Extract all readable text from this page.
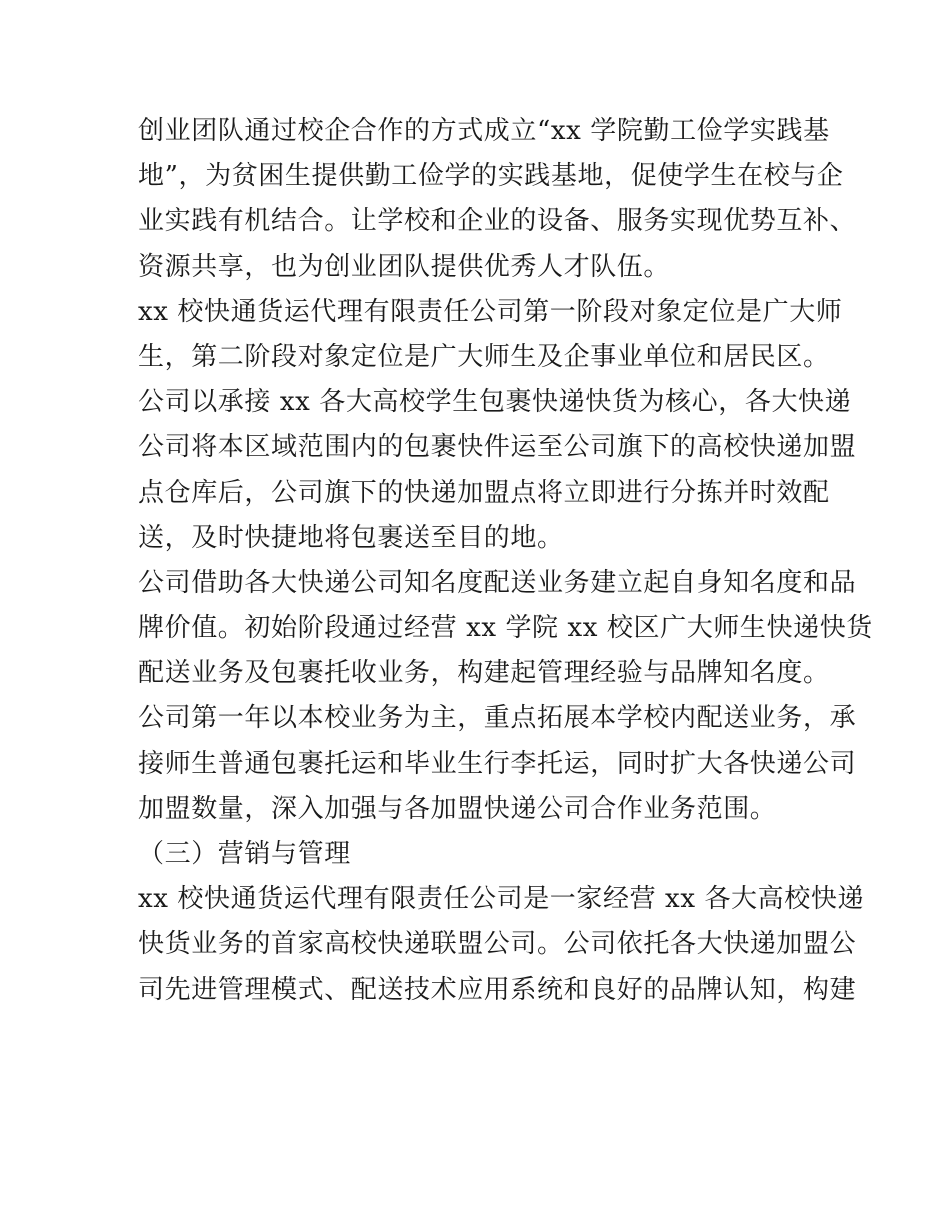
创业团队通过校企合作的方式成立“xx 学院勤工俭学实践基
地”，为贫困生提供勤工俭学的实践基地，促使学生在校与企
业实践有机结合。让学校和企业的设备、服务实现优势互补、
资源共享，也为创业团队提供优秀人才队伍。

xx 校快通货运代理有限责任公司第一阶段对象定位是广大师
生，第二阶段对象定位是广大师生及企事业单位和居民区。

公司以承接 xx 各大高校学生包裹快递快货为核心，各大快递
公司将本区域范围内的包裹快件运至公司旗下的高校快递加盟
点仓库后，公司旗下的快递加盟点将立即进行分拣并时效配
送，及时快捷地将包裹送至目的地。

公司借助各大快递公司知名度配送业务建立起自身知名度和品
牌价值。初始阶段通过经营 xx 学院 xx 校区广大师生快递快货
配送业务及包裹托收业务，构建起管理经验与品牌知名度。

公司第一年以本校业务为主，重点拓展本学校内配送业务，承
接师生普通包裹托运和毕业生行李托运，同时扩大各快递公司
加盟数量，深入加强与各加盟快递公司合作业务范围。

（三）营销与管理

xx 校快通货运代理有限责任公司是一家经营 xx 各大高校快递
快货业务的首家高校快递联盟公司。公司依托各大快递加盟公
司先进管理模式、配送技术应用系统和良好的品牌认知，构建
